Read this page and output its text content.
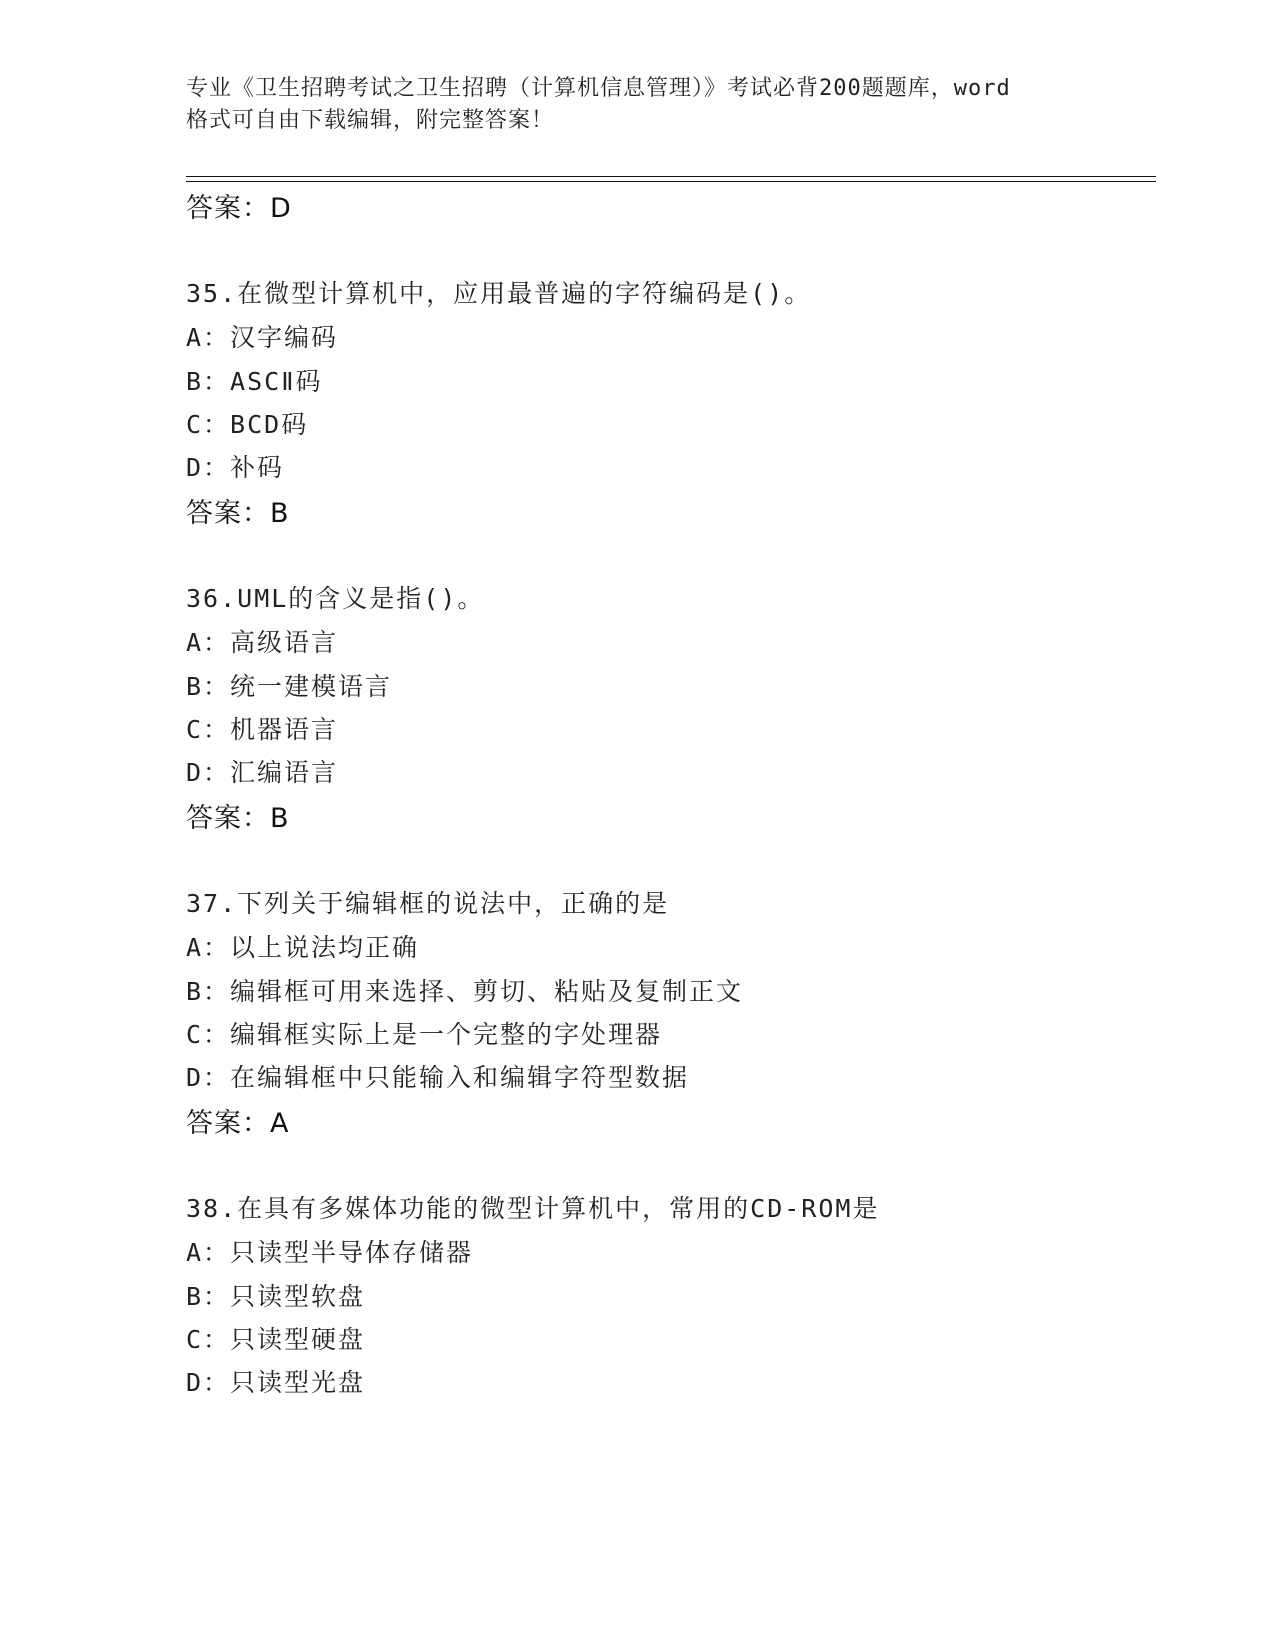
专业《卫生招聘考试之卫生招聘（计算机信息管理）》考试必背200题题库，word
格式可自由下载编辑，附完整答案！
答案：D
35.在微型计算机中，应用最普遍的字符编码是()。
A：汉字编码
B：ASCⅡ码
C：BCD码
D：补码
答案：B
36.UML的含义是指()。
A：高级语言
B：统一建模语言
C：机器语言
D：汇编语言
答案：B
37.下列关于编辑框的说法中，正确的是
A：以上说法均正确
B：编辑框可用来选择、剪切、粘贴及复制正文
C：编辑框实际上是一个完整的字处理器
D：在编辑框中只能输入和编辑字符型数据
答案：A
38.在具有多媒体功能的微型计算机中，常用的CD-ROM是
A：只读型半导体存储器
B：只读型软盘
C：只读型硬盘
D：只读型光盘
